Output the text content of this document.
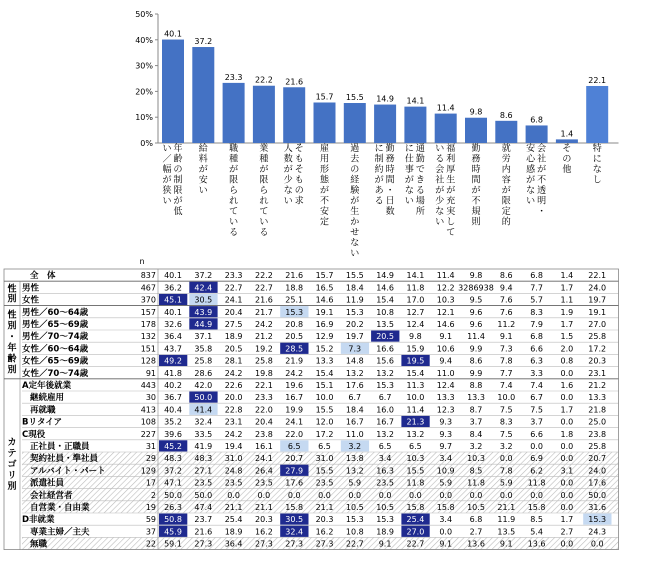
0%
10%
20%
30%
40%
50%
40.1
37.2
23.3 22.2 21.6
15.7 15.5 14.9 14.1
11.4 9.8 8.6
6.8
1.4
22.1
年
齢
の
制
限
が
低
い
／
幅
が
狭
い
給
料
が
安
い
職
種
が
限
ら
れ
て
い
る
業
種
が
限
ら
れ
て
い
る
そ
も
そ
も
の
求
人
数
が
少
な
い
雇
用
形
態
が
不
安
定
過
去
の
経
験
が
生
か
せ
な
い
勤
務
時
間
・
日
数
に
制
約
が
あ
る
通
勤
で
き
る
場
所
に
仕
事
が
な
い
福
利
厚
生
が
充
実
し
て
い
る
会
社
が
少
な
い
勤
務
時
間
が
不
規
則
就
労
内
容
が
限
定
的
会
社
が
不
透
明
・
安
心
感
が
な
い
そ
の
他
特
に
な
し
n
全　体	837 40.1 37.2 23.3 22.2 21.6 15.7 15.5 14.9 14.1 11.4 9.8 8.6 6.8 1.4 22.1
男性	467 36.2 42.4 22.7 22.7 18.8 16.5 18.4 14.6 11.8 12.2 3286938 9.4 7.7 1.7 24.0
女性	370 45.1 30.5 24.1 21.6 25.1 14.6 11.9 15.4 17.0 10.3 9.5 7.6 5.7 1.1 19.7
男性／60～64歳	157 40.1 43.9 20.4 21.7 15.3 19.1 15.3 10.8 12.7 12.1 9.6 7.6 8.3 1.9 19.1
男性／65～69歳	178 32.6 44.9 27.5 24.2 20.8 16.9 20.2 13.5 12.4 14.6 9.6 11.2 7.9 1.7 27.0
男性／70～74歳	132 36.4 37.1 18.9 21.2 20.5 12.9 19.7 20.5 9.8 9.1 11.4 9.1 6.8 1.5 25.8
女性／60～64歳	151 43.7 35.8 20.5 19.2 28.5 15.2 7.3 16.6 15.9 10.6 9.9 7.3 6.6 2.0 17.2
女性／65～69歳	128 49.2 25.8 28.1 25.8 21.9 13.3 14.8 15.6 19.5 9.4 8.6 7.8 6.3 0.8 20.3
女性／70～74歳	91 41.8 28.6 24.2 19.8 24.2 15.4 13.2 13.2 15.4 11.0 9.9 7.7 3.3 0.0 23.1
A定年後就業	443 40.2 42.0 22.6 22.1 19.6 15.1 17.6 15.3 11.3 12.4 8.8 7.4 7.4 1.6 21.2
継続雇用	30 36.7 50.0 20.0 23.3 16.7 10.0 6.7 6.7 10.0 13.3 13.3 10.0 6.7 0.0 13.3
再就職	413 40.4 41.4 22.8 22.0 19.9 15.5 18.4 16.0 11.4 12.3 8.7 7.5 7.5 1.7 21.8
Bリタイア	108 35.2 32.4 23.1 20.4 24.1 12.0 16.7 16.7 21.3 9.3 3.7 8.3 3.7 0.0 25.0
C現役	227 39.6 33.5 24.2 23.8 22.0 17.2 11.0 13.2 13.2 9.3 8.4 7.5 6.6 1.8 23.8
正社員・正職員	31 45.2 41.9 19.4 16.1 6.5 6.5 3.2 6.5 6.5 9.7 3.2 3.2 0.0 0.0 25.8
契約社員・準社員	29 48.3 48.3 31.0 24.1 20.7 31.0 13.8 3.4 10.3 3.4 10.3 0.0 6.9 0.0 20.7
アルバイト・パート	129 37.2 27.1 24.8 26.4 27.9 15.5 13.2 16.3 15.5 10.9 8.5 7.8 6.2 3.1 24.0
派遣社員	17 47.1 23.5 23.5 23.5 17.6 23.5 5.9 23.5 11.8 5.9 11.8 5.9 11.8 0.0 17.6
会社経営者	2 50.0 50.0 0.0 0.0 0.0 0.0 0.0 0.0 0.0 0.0 0.0 0.0 0.0 0.0 50.0
自営業・自由業	19 26.3 47.4 21.1 21.1 15.8 21.1 10.5 10.5 15.8 15.8 10.5 21.1 15.8 0.0 31.6
D非就業	59 50.8 23.7 25.4 20.3 30.5 20.3 15.3 15.3 25.4 3.4 6.8 11.9 8.5 1.7 15.3
専業主婦／主夫	37 45.9 21.6 18.9 16.2 32.4 16.2 10.8 18.9 27.0 0.0 2.7 13.5 5.4 2.7 24.3
無職	22 59.1 27.3 36.4 27.3 27.3 27.3 22.7 9.1 22.7 9.1 13.6 9.1 13.6 0.0 0.0
性
別
性
別
・
年
齢
別
カ
テ
ゴ
リ
別
